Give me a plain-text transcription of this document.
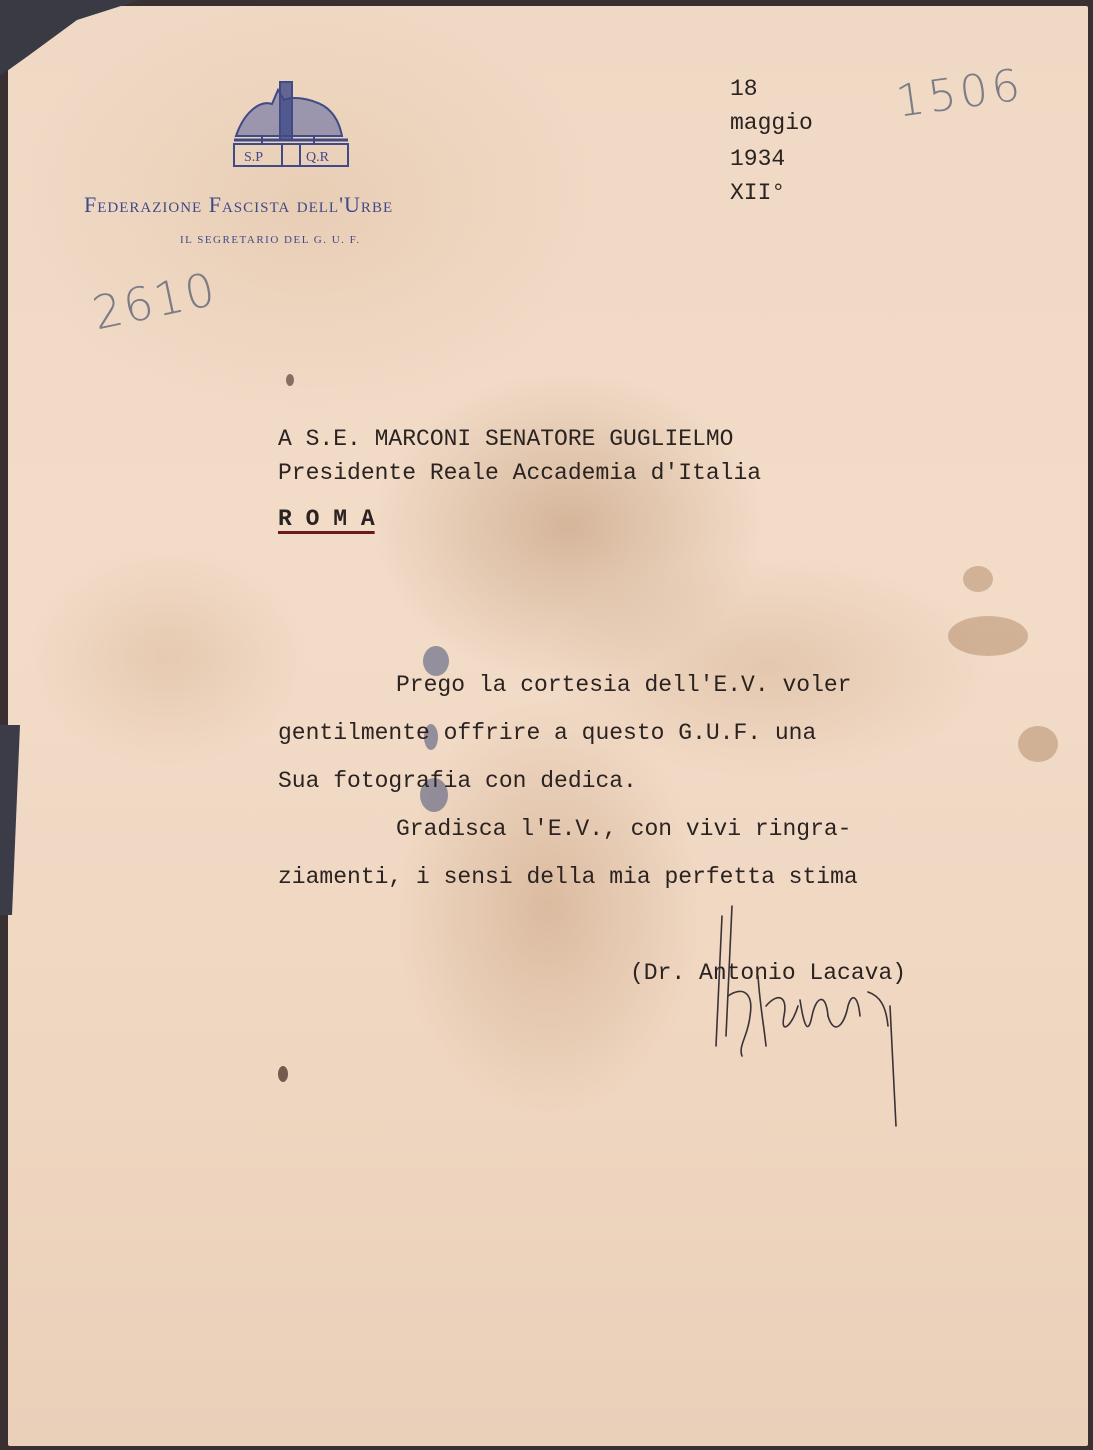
S.P	Q.R
Federazione Fascista dell'Urbe
IL SEGRETARIO DEL G. U. F.
18
maggio
1934
XII°
1506
2610
A S.E. MARCONI SENATORE GUGLIELMO
Presidente Reale Accademia d'Italia
R O M A
Prego la cortesia dell'E.V. voler
gentilmente offrire a questo G.U.F. una
Sua fotografia con dedica.
Gradisca l'E.V., con vivi ringra-
ziamenti, i sensi della mia perfetta stima
(Dr. Antonio Lacava)
